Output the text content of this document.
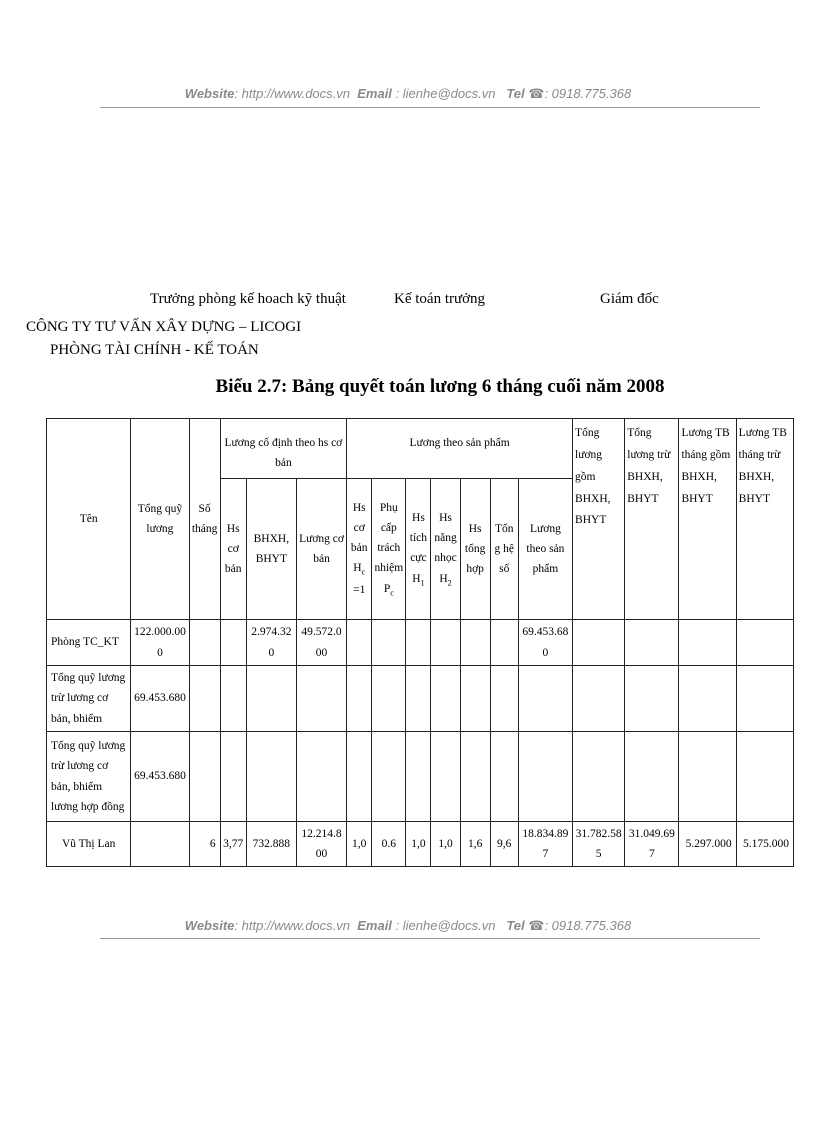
Website: http://www.docs.vn Email : lienhe@docs.vn Tel ☎: 0918.775.368
Trưởng phòng kế hoach kỹ thuật	Kế toán trưởng	Giám đốc
CÔNG TY TƯ VẤN XÂY DỰNG – LICOGI
PHÒNG TÀI CHÍNH - KẾ TOÁN
Biểu 2.7: Bảng quyết toán lương 6 tháng cuối năm 2008
Tên	Tổng quỹ lương	Số tháng	Lương cố định theo hs cơ bản			Lương theo sản phẩm							Tổng lương gồm BHXH, BHYT	Tổng lương trừ BHXH, BHYT	Lương TB tháng gồm BHXH, BHYT	Lương TB tháng trừ BHXH, BHYT
			Hs cơ bản	BHXH, BHYT	Lương cơ bản	Hs cơ bản $H_c =1$	Phụ cấp trách nhiệm $P_c$	Hs tích cực $H_1$	Hs năng nhọc $H_2$	Hs tổng hợp	Tổng hệ số	Lương theo sản phẩm				
Phòng TC_KT	122.000.000			2.974.320	49.572.000							69.453.680				
Tổng quỹ lương trừ lương cơ bản, bhiểm	69.453.680															
Tổng quỹ lương trừ lương cơ bản, bhiểm lương hợp đồng	69.453.680															
Vũ Thị Lan		6	3,77	732.888	12.214.800	1,0	0.6	1,0	1,0	1,6	9,6	18.834.897	31.782.585	31.049.697	5.297.000	5.175.000
Website: http://www.docs.vn Email : lienhe@docs.vn Tel ☎: 0918.775.368
